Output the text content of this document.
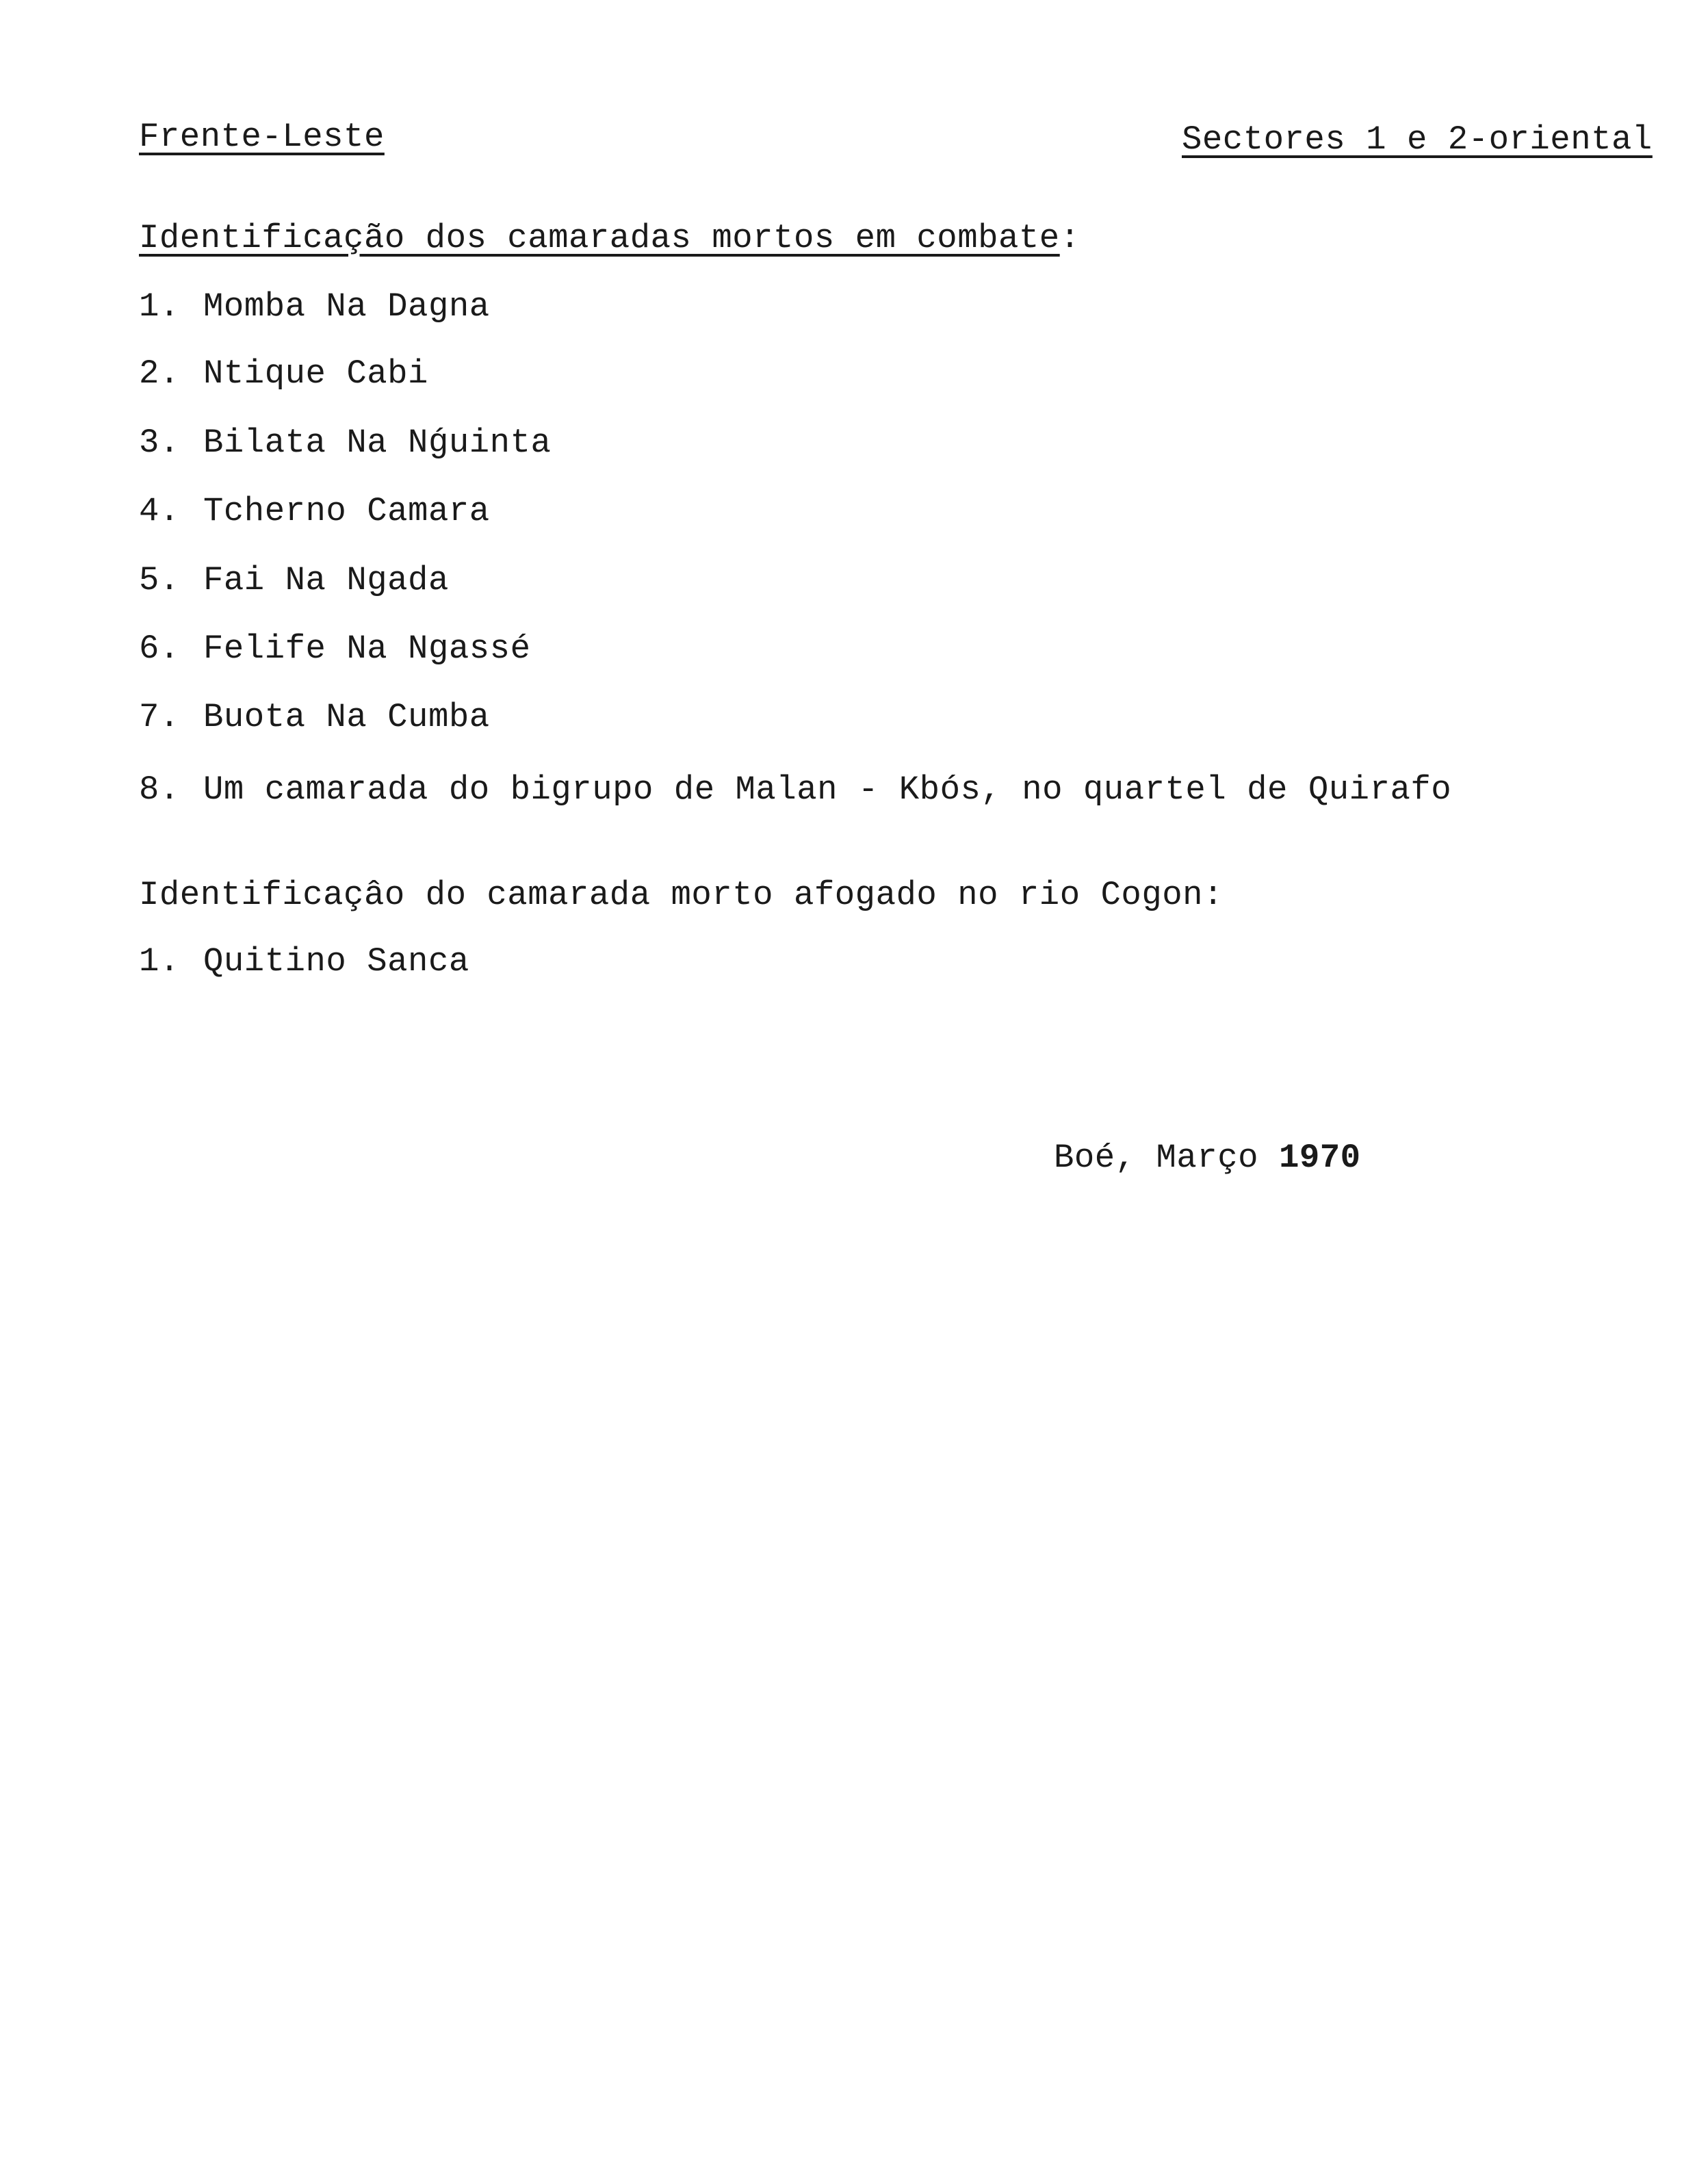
Frente-Leste	Sectores 1 e 2-oriental
Identificação dos camaradas mortos em combate:
1. Momba Na Dagna
2. Ntique Cabi
3. Bilata Na Nǵuinta
4. Tcherno Camara
5. Fai Na Ngada
6. Felife Na Ngassé
7. Buota Na Cumba
8. Um camarada do bigrupo de Malan - Kbós, no quartel de Quirafo
Identificaçâo do camarada morto afogado no rio Cogon:
1. Quitino Sanca
Boé, Março 1970
